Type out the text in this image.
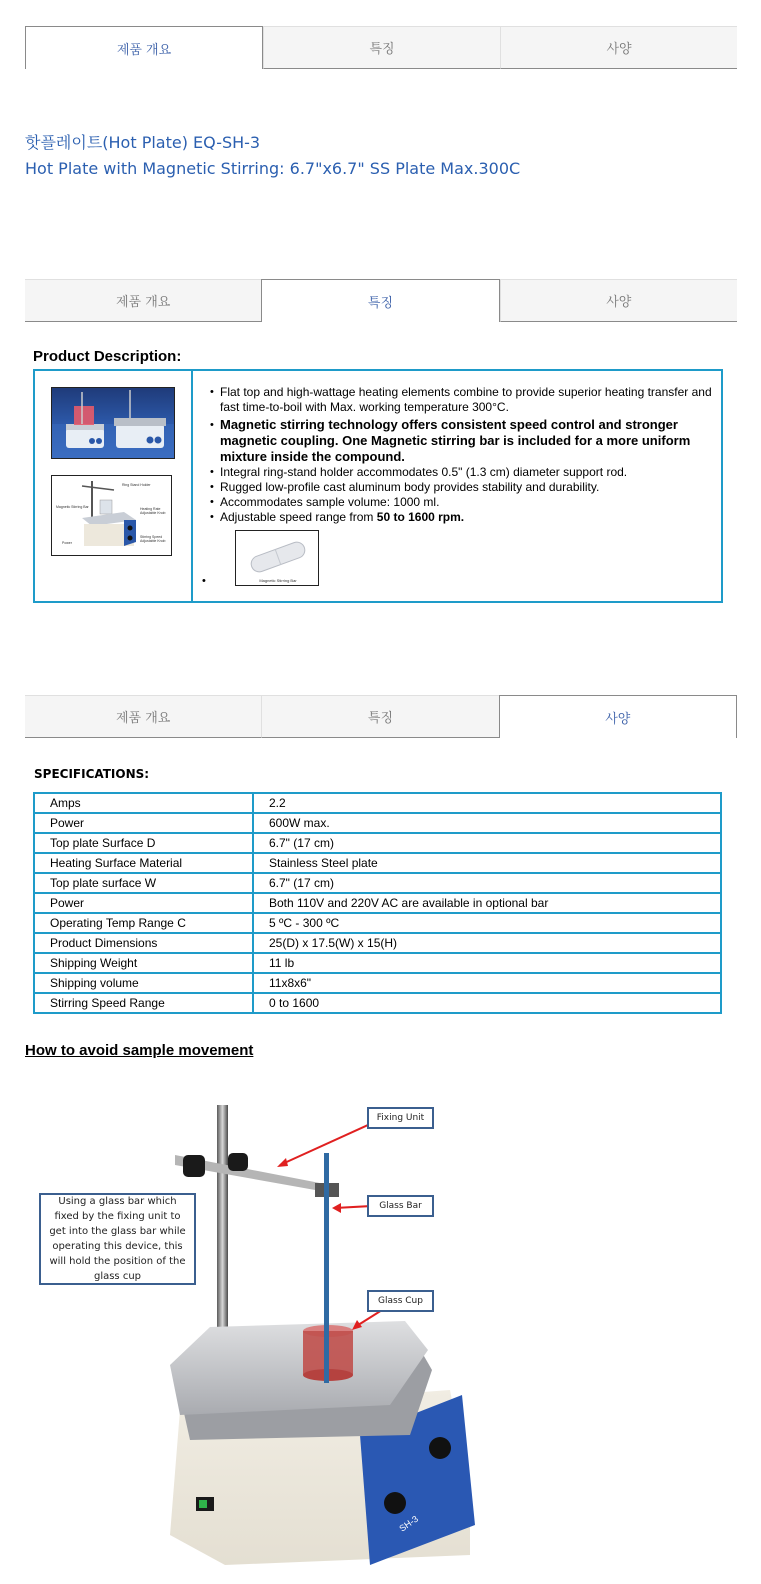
제품 개요	특징	사양
핫플레이트(Hot Plate) EQ-SH-3
Hot Plate with Magnetic Stirring: 6.7"x6.7" SS Plate Max.300C
제품 개요	특징	사양
Product Description:
Ring Stand Holder
Magnetic Stirring Bar	Heating Rate
Adjustable Knob
Power
Stirring Speed
Adjustable Knob
• Flat top and high-wattage heating elements combine to provide superior heating transfer and fast time-to-boil with Max. working temperature 300°C.
• Magnetic stirring technology offers consistent speed control and stronger magnetic coupling. One Magnetic stirring bar is included for a more uniform mixture inside the compound.
• Integral ring-stand holder accommodates 0.5" (1.3 cm) diameter support rod.
• Rugged low-profile cast aluminum body provides stability and durability.
• Accommodates sample volume: 1000 ml.
• Adjustable speed range from 50 to 1600 rpm.
•	Magnetic Stirring Bar
제품 개요	특징	사양
SPECIFICATIONS:
Amps	2.2
Power	600W max.
Top plate Surface D	6.7" (17 cm)
Heating Surface Material	Stainless Steel plate
Top plate surface W	6.7" (17 cm)
Power	Both 110V and 220V AC are available in optional bar
Operating Temp Range C	5 ºC - 300 ºC
Product Dimensions	25(D) x 17.5(W) x 15(H)
Shipping Weight	11 lb
Shipping volume	11x8x6"
Stirring Speed Range	0 to 1600
How to avoid sample movement
SH-3
Fixing Unit
Glass Bar
Glass Cup
Using a glass bar which fixed by the fixing unit to get into the glass bar while operating this device, this will hold the position of the glass cup
